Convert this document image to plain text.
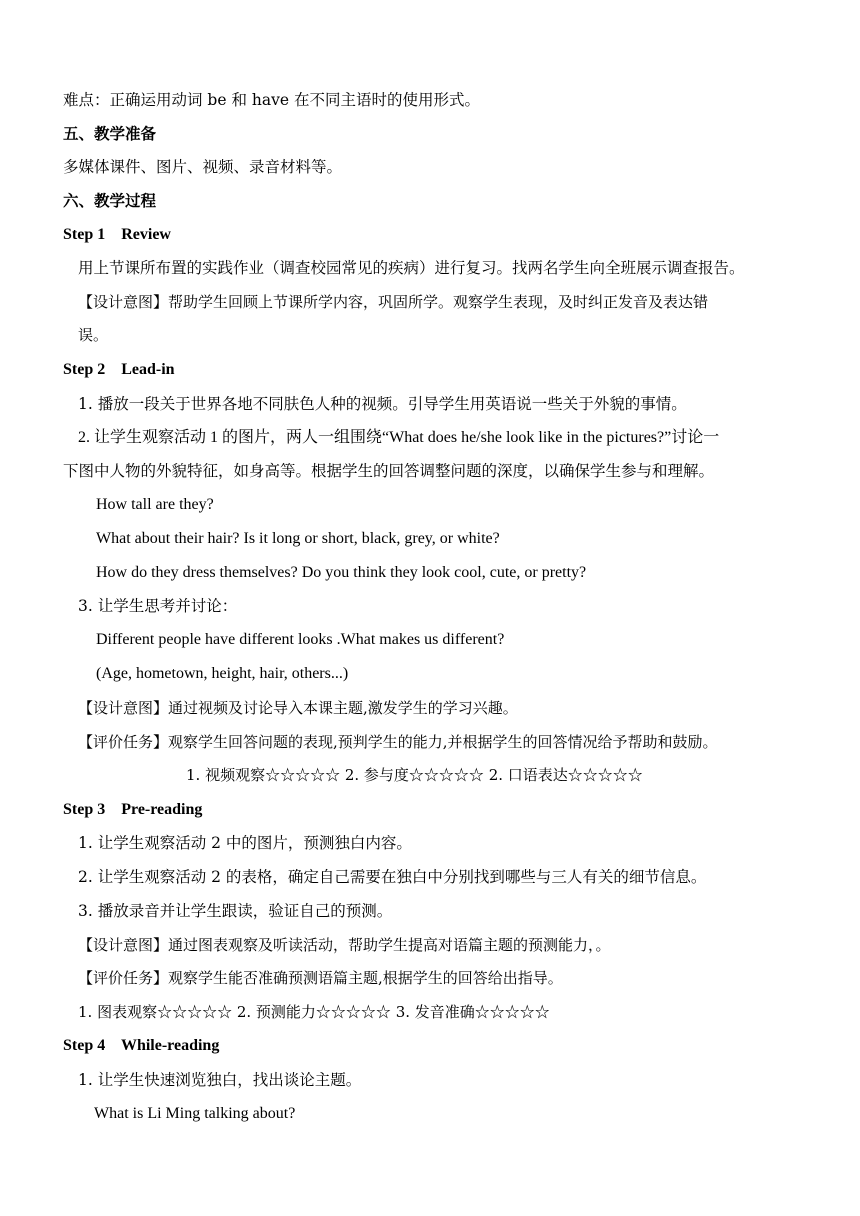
难点：正确运用动词 be 和 have 在不同主语时的使用形式。
五、教学准备
多媒体课件、图片、视频、录音材料等。
六、教学过程
Step 1    Review
用上节课所布置的实践作业（调查校园常见的疾病）进行复习。找两名学生向全班展示调查报告。
【设计意图】帮助学生回顾上节课所学内容，巩固所学。观察学生表现，及时纠正发音及表达错
误。
Step 2    Lead-in
1. 播放一段关于世界各地不同肤色人种的视频。引导学生用英语说一些关于外貌的事情。
2. 让学生观察活动 1 的图片，两人一组围绕“What does he/she look like in the pictures?”讨论一
下图中人物的外貌特征，如身高等。根据学生的回答调整问题的深度，以确保学生参与和理解。
How tall are they?
What about their hair? Is it long or short, black, grey, or white?
How do they dress themselves? Do you think they look cool, cute, or pretty?
3. 让学生思考并讨论：
Different people have different looks .What makes us different?
(Age, hometown, height, hair, others...)
【设计意图】通过视频及讨论导入本课主题,激发学生的学习兴趣。
【评价任务】观察学生回答问题的表现,预判学生的能力,并根据学生的回答情况给予帮助和鼓励。
1. 视频观察☆☆☆☆☆ 2. 参与度☆☆☆☆☆ 2. 口语表达☆☆☆☆☆
Step 3    Pre-reading
1. 让学生观察活动 2 中的图片，预测独白内容。
2. 让学生观察活动 2 的表格，确定自己需要在独白中分别找到哪些与三人有关的细节信息。
3. 播放录音并让学生跟读，验证自己的预测。
【设计意图】通过图表观察及听读活动，帮助学生提高对语篇主题的预测能力，。
【评价任务】观察学生能否准确预测语篇主题,根据学生的回答给出指导。
1. 图表观察☆☆☆☆☆ 2. 预测能力☆☆☆☆☆ 3. 发音准确☆☆☆☆☆
Step 4    While-reading
1. 让学生快速浏览独白，找出谈论主题。
What is Li Ming talking about?
